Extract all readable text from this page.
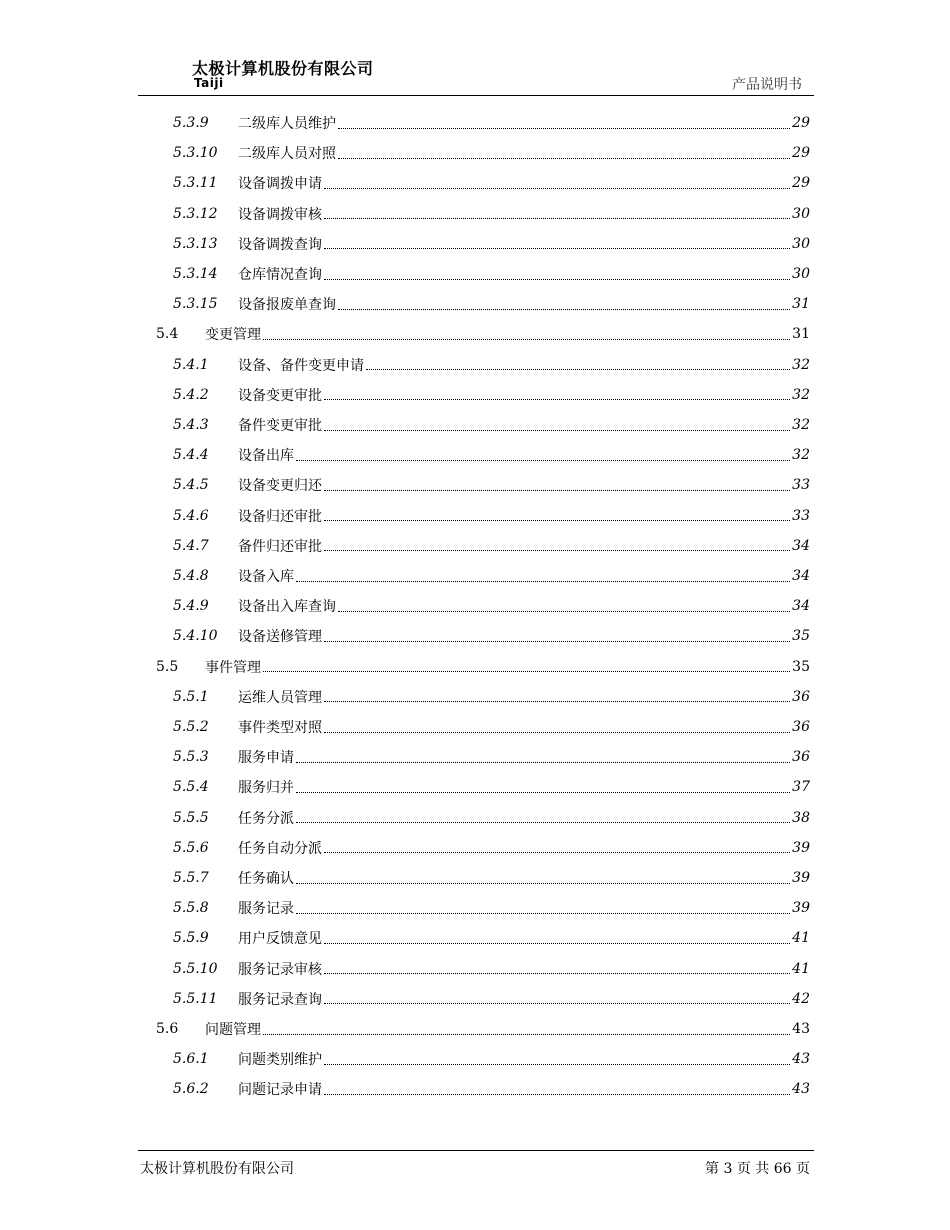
太极计算机股份有限公司
Taiji	产品说明书
5.3.9	二级库人员维护	29
5.3.10	二级库人员对照	29
5.3.11	设备调拨申请	29
5.3.12	设备调拨审核	30
5.3.13	设备调拨查询	30
5.3.14	仓库情况查询	30
5.3.15	设备报废单查询	31
5.4	变更管理	31
5.4.1	设备、备件变更申请	32
5.4.2	设备变更审批	32
5.4.3	备件变更审批	32
5.4.4	设备出库	32
5.4.5	设备变更归还	33
5.4.6	设备归还审批	33
5.4.7	备件归还审批	34
5.4.8	设备入库	34
5.4.9	设备出入库查询	34
5.4.10	设备送修管理	35
5.5	事件管理	35
5.5.1	运维人员管理	36
5.5.2	事件类型对照	36
5.5.3	服务申请	36
5.5.4	服务归并	37
5.5.5	任务分派	38
5.5.6	任务自动分派	39
5.5.7	任务确认	39
5.5.8	服务记录	39
5.5.9	用户反馈意见	41
5.5.10	服务记录审核	41
5.5.11	服务记录查询	42
5.6	问题管理	43
5.6.1	问题类别维护	43
5.6.2	问题记录申请	43
太极计算机股份有限公司	第 3 页 共 66 页
